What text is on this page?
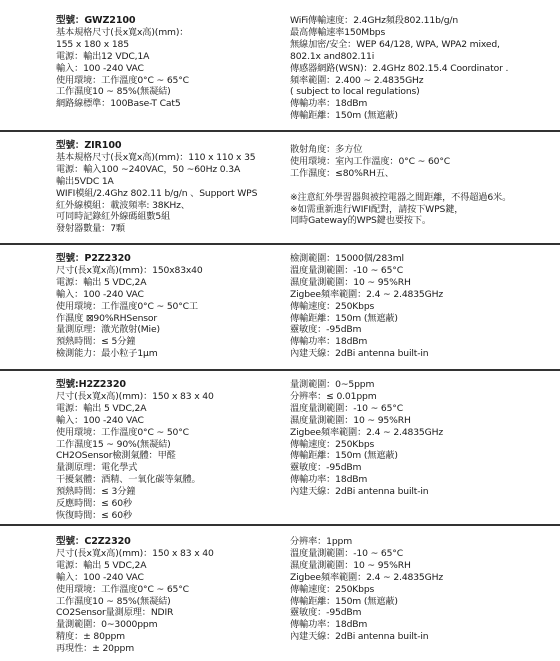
型號：GWZ2100
基本規格尺寸(長x寬x高)(mm)：
155 x 180 x 185
電源：輸出12 VDC,1A
輸入：100 -240 VAC
使用環境：工作溫度0°C ~ 65°C
工作濕度10 ~ 85%(無凝結)
網路線標準：100Base-T Cat5
WiFi傳輸速度：2.4GHz頻段802.11b/g/n
最高傳輸速率150Mbps
無線加密/安全：WEP 64/128, WPA, WPA2 mixed,
802.1x and802.11i
傳感器網路(WSN)：2.4GHz 802.15.4 Coordinator .
頻率範圍：2.400 ~ 2.4835GHz
( subject to local regulations)
傳輸功率：18dBm
傳輸距離：150m (無遮蔽)
型號：ZIR100
基本規格尺寸(長x寬x高)(mm)：110 x 110 x 35
電源：輸入100 ~240VAC，50 ~60Hz 0.3A
輸出5VDC 1A
WIFI模組/2.4Ghz 802.11 b/g/n 、Support WPS
紅外線模組：載波頻率: 38KHz、
可同時記錄紅外線碼組數5組
發射器數量：7顆
散射角度：多方位
使用環境：室內工作溫度：0°C ~ 60°C
工作濕度：≤80%RH五、
※注意紅外學習器與被控電器之間距離，不得超過6米。
※如需重新進行WIFI配對，請按下WPS鍵，
同時Gateway的WPS鍵也要按下。
型號：P2Z2320
尺寸(長x寬x高)(mm)：150x83x40
電源：輸出 5 VDC,2A
輸入：100 -240 VAC
使用環境：工作溫度0°C ~ 50°C工
作濕度 ⊠90%RHSensor
量測原理：激光散射(Mie)
預熱時間：≤ 5分鐘
檢測能力：最小粒子1μm
檢測範圍：15000個/283ml
溫度量測範圍：-10 ~ 65°C
濕度量測範圍：10 ~ 95%RH
Zigbee頻率範圍：2.4 ~ 2.4835GHz
傳輸速度：250Kbps
傳輸距離：150m (無遮蔽)
靈敏度：-95dBm
傳輸功率：18dBm
內建天線：2dBi antenna built-in
型號:H2Z2320
尺寸(長x寬x高)(mm)：150 x 83 x 40
電源：輸出 5 VDC,2A
輸入：100 -240 VAC
使用環境：工作溫度0°C ~ 50°C
工作濕度15 ~ 90%(無凝結)
CH2OSensor檢測氣體：甲醛
量測原理：電化學式
干擾氣體：酒精、一氧化碳等氣體。
預熱時間：≤ 3分鐘
反應時間：≤ 60秒
恢復時間：≤ 60秒
量測範圍：0~5ppm
分辨率：≤ 0.01ppm
溫度量測範圍：-10 ~ 65°C
濕度量測範圍：10 ~ 95%RH
Zigbee頻率範圍：2.4 ~ 2.4835GHz
傳輸速度：250Kbps
傳輸距離：150m (無遮蔽)
靈敏度：-95dBm
傳輸功率：18dBm
內建天線：2dBi antenna built-in
型號：C2Z2320
尺寸(長x寬x高)(mm)：150 x 83 x 40
電源：輸出 5 VDC,2A
輸入：100 -240 VAC
使用環境：工作溫度0°C ~ 65°C
工作濕度10 ~ 85%(無凝結)
CO2Sensor量測原理：NDIR
量測範圍：0~3000ppm
精度：± 80ppm
再現性：± 20ppm
分辨率：1ppm
溫度量測範圍：-10 ~ 65°C
濕度量測範圍：10 ~ 95%RH
Zigbee頻率範圍：2.4 ~ 2.4835GHz
傳輸速度：250Kbps
傳輸距離：150m (無遮蔽)
靈敏度：-95dBm
傳輸功率：18dBm
內建天線：2dBi antenna built-in
